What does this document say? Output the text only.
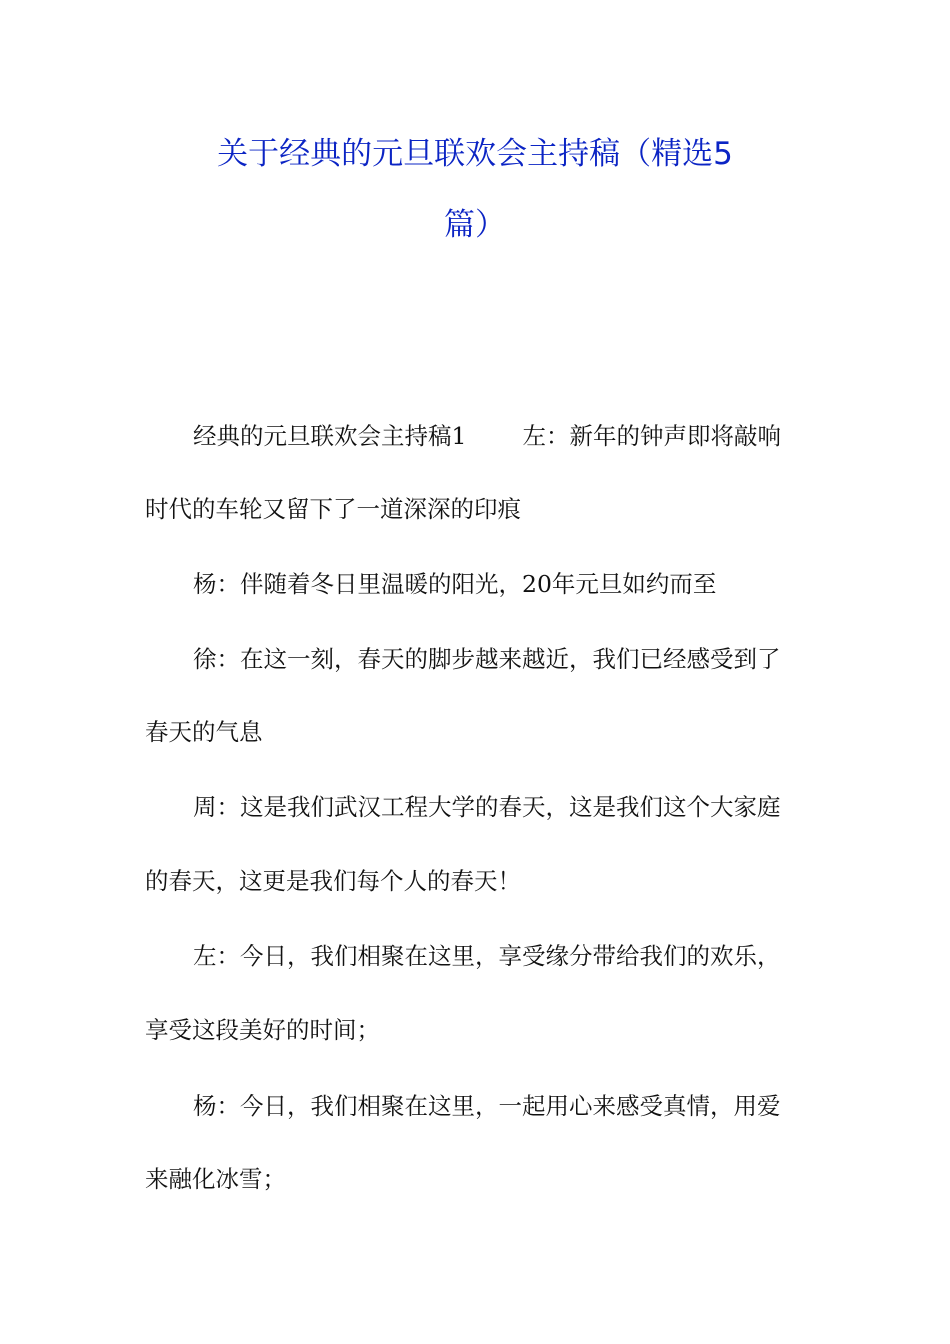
关于经典的元旦联欢会主持稿（精选5
篇）
经典的元旦联欢会主持稿1 左：新年的钟声即将敲响
时代的车轮又留下了一道深深的印痕
杨：伴随着冬日里温暖的阳光，20年元旦如约而至
徐：在这一刻，春天的脚步越来越近，我们已经感受到了
春天的气息
周：这是我们武汉工程大学的春天，这是我们这个大家庭
的春天，这更是我们每个人的春天！
左：今日，我们相聚在这里，享受缘分带给我们的欢乐，
享受这段美好的时间；
杨：今日，我们相聚在这里，一起用心来感受真情，用爱
来融化冰雪；
